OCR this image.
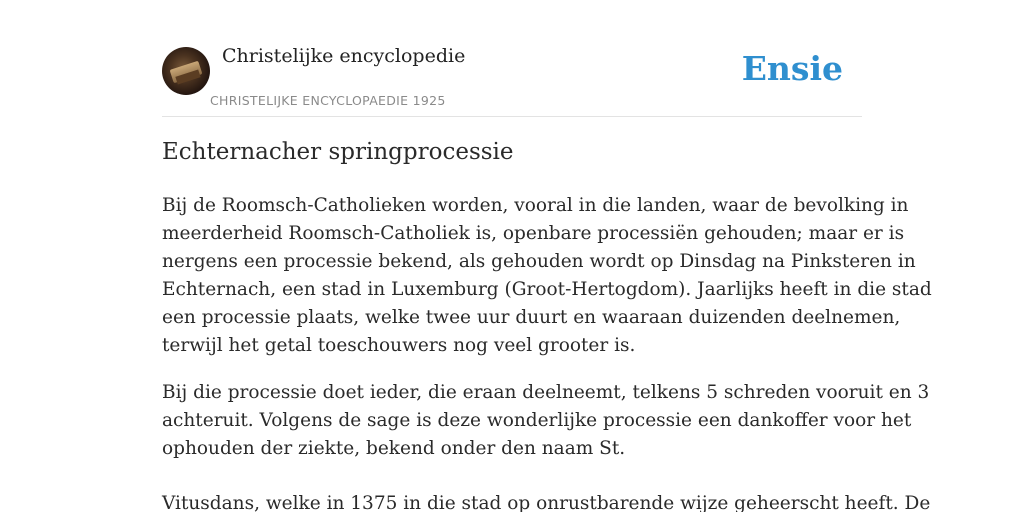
Christelijke encyclopedie
CHRISTELIJKE ENCYCLOPAEDIE 1925
Ensie
Echternacher springprocessie

Bij de Roomsch-Catholieken worden, vooral in die landen, waar de bevolking in
meerderheid Roomsch-Catholiek is, openbare processiën gehouden; maar er is
nergens een processie bekend, als gehouden wordt op Dinsdag na Pinksteren in
Echternach, een stad in Luxemburg (Groot-Hertogdom). Jaarlijks heeft in die stad
een processie plaats, welke twee uur duurt en waaraan duizenden deelnemen,
terwijl het getal toeschouwers nog veel grooter is.

Bij die processie doet ieder, die eraan deelneemt, telkens 5 schreden vooruit en 3
achteruit. Volgens de sage is deze wonderlijke processie een dankoffer voor het
ophouden der ziekte, bekend onder den naam St.

Vitusdans, welke in 1375 in die stad op onrustbarende wijze geheerscht heeft. De
